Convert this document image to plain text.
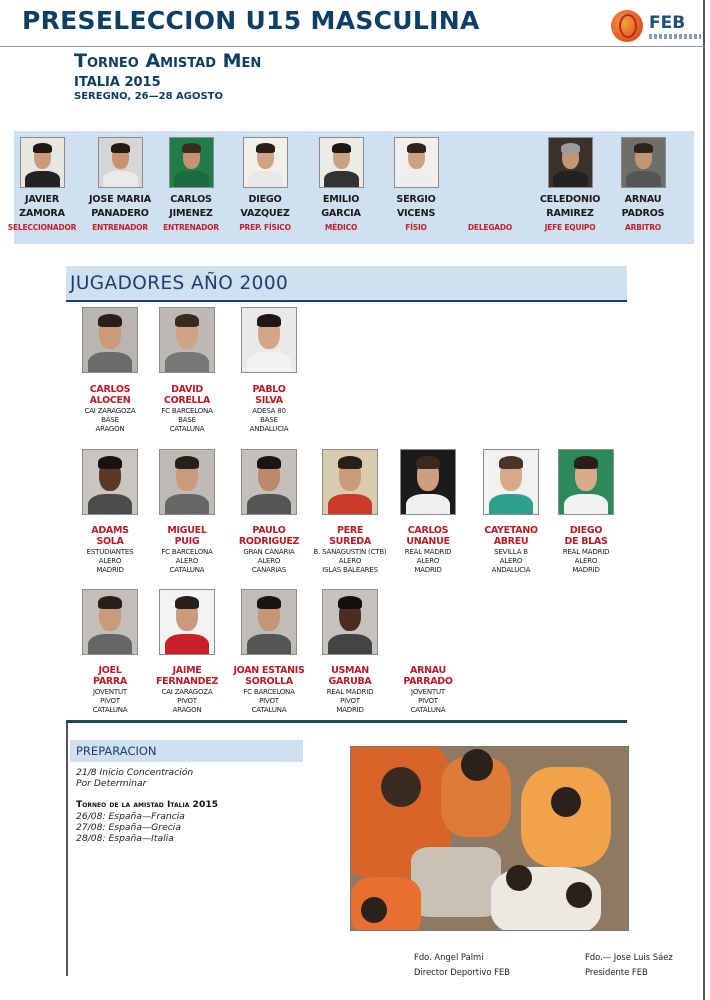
PRESELECCION U15 MASCULINA	FEB
Torneo Amistad Men
ITALIA 2015
SEREGNO, 26—28 AGOSTO
JAVIER
ZAMORA
SELECCIONADOR
JOSE MARIA
PANADERO
ENTRENADOR
CARLOS
JIMENEZ
ENTRENADOR
DIEGO
VAZQUEZ
PREP. FÍSICO
EMILIO
GARCIA
MÉDICO
SERGIO
VICENS
FÍSIO	DELEGADO
CELEDONIO
RAMIREZ
JEFE EQUIPO
ARNAU
PADROS
ARBITRO
JUGADORES AÑO 2000
CARLOS
ALOCEN
CAI ZARAGOZA
BASE
ARAGON
DAVID
CORELLA
FC BARCELONA
BASE
CATALUNA
PABLO
SILVA
ADESA 80
BASE
ANDALUCIA
ADAMS
SOLA
ESTUDIANTES
ALERO
MADRID
MIGUEL
PUIG
FC BARCELONA
ALERO
CATALUNA
PAULO
RODRIGUEZ
GRAN CANARIA
ALERO
CANARIAS
PERE
SUREDA
B. SANAGUSTIN (CTB)
ALERO
ISLAS BALEARES
CARLOS
UNANUE
REAL MADRID
ALERO
MADRID
CAYETANO
ABREU
SEVILLA B
ALERO
ANDALUCIA
DIEGO
DE BLAS
REAL MADRID
ALERO
MADRID
JOEL
PARRA
JOVENTUT
PIVOT
CATALUNA
JAIME
FERNANDEZ
CAI ZARAGOZA
PIVOT
ARAGON
JOAN ESTANIS
SOROLLA
FC BARCELONA
PIVOT
CATALUNA
USMAN
GARUBA
REAL MADRID
PIVOT
MADRID
ARNAU
PARRADO
JOVENTUT
PIVOT
CATALUNA
PREPARACION
21/8 Inicio Concentración
Por Determinar
Torneo de la amistad Italia 2015
26/08: España—Francia
27/08: España—Grecia
28/08: España—Italia
Fdo. Angel Palmi
Director Deportivo FEB
Fdo.— Jose Luis Sáez
Presidente FEB
